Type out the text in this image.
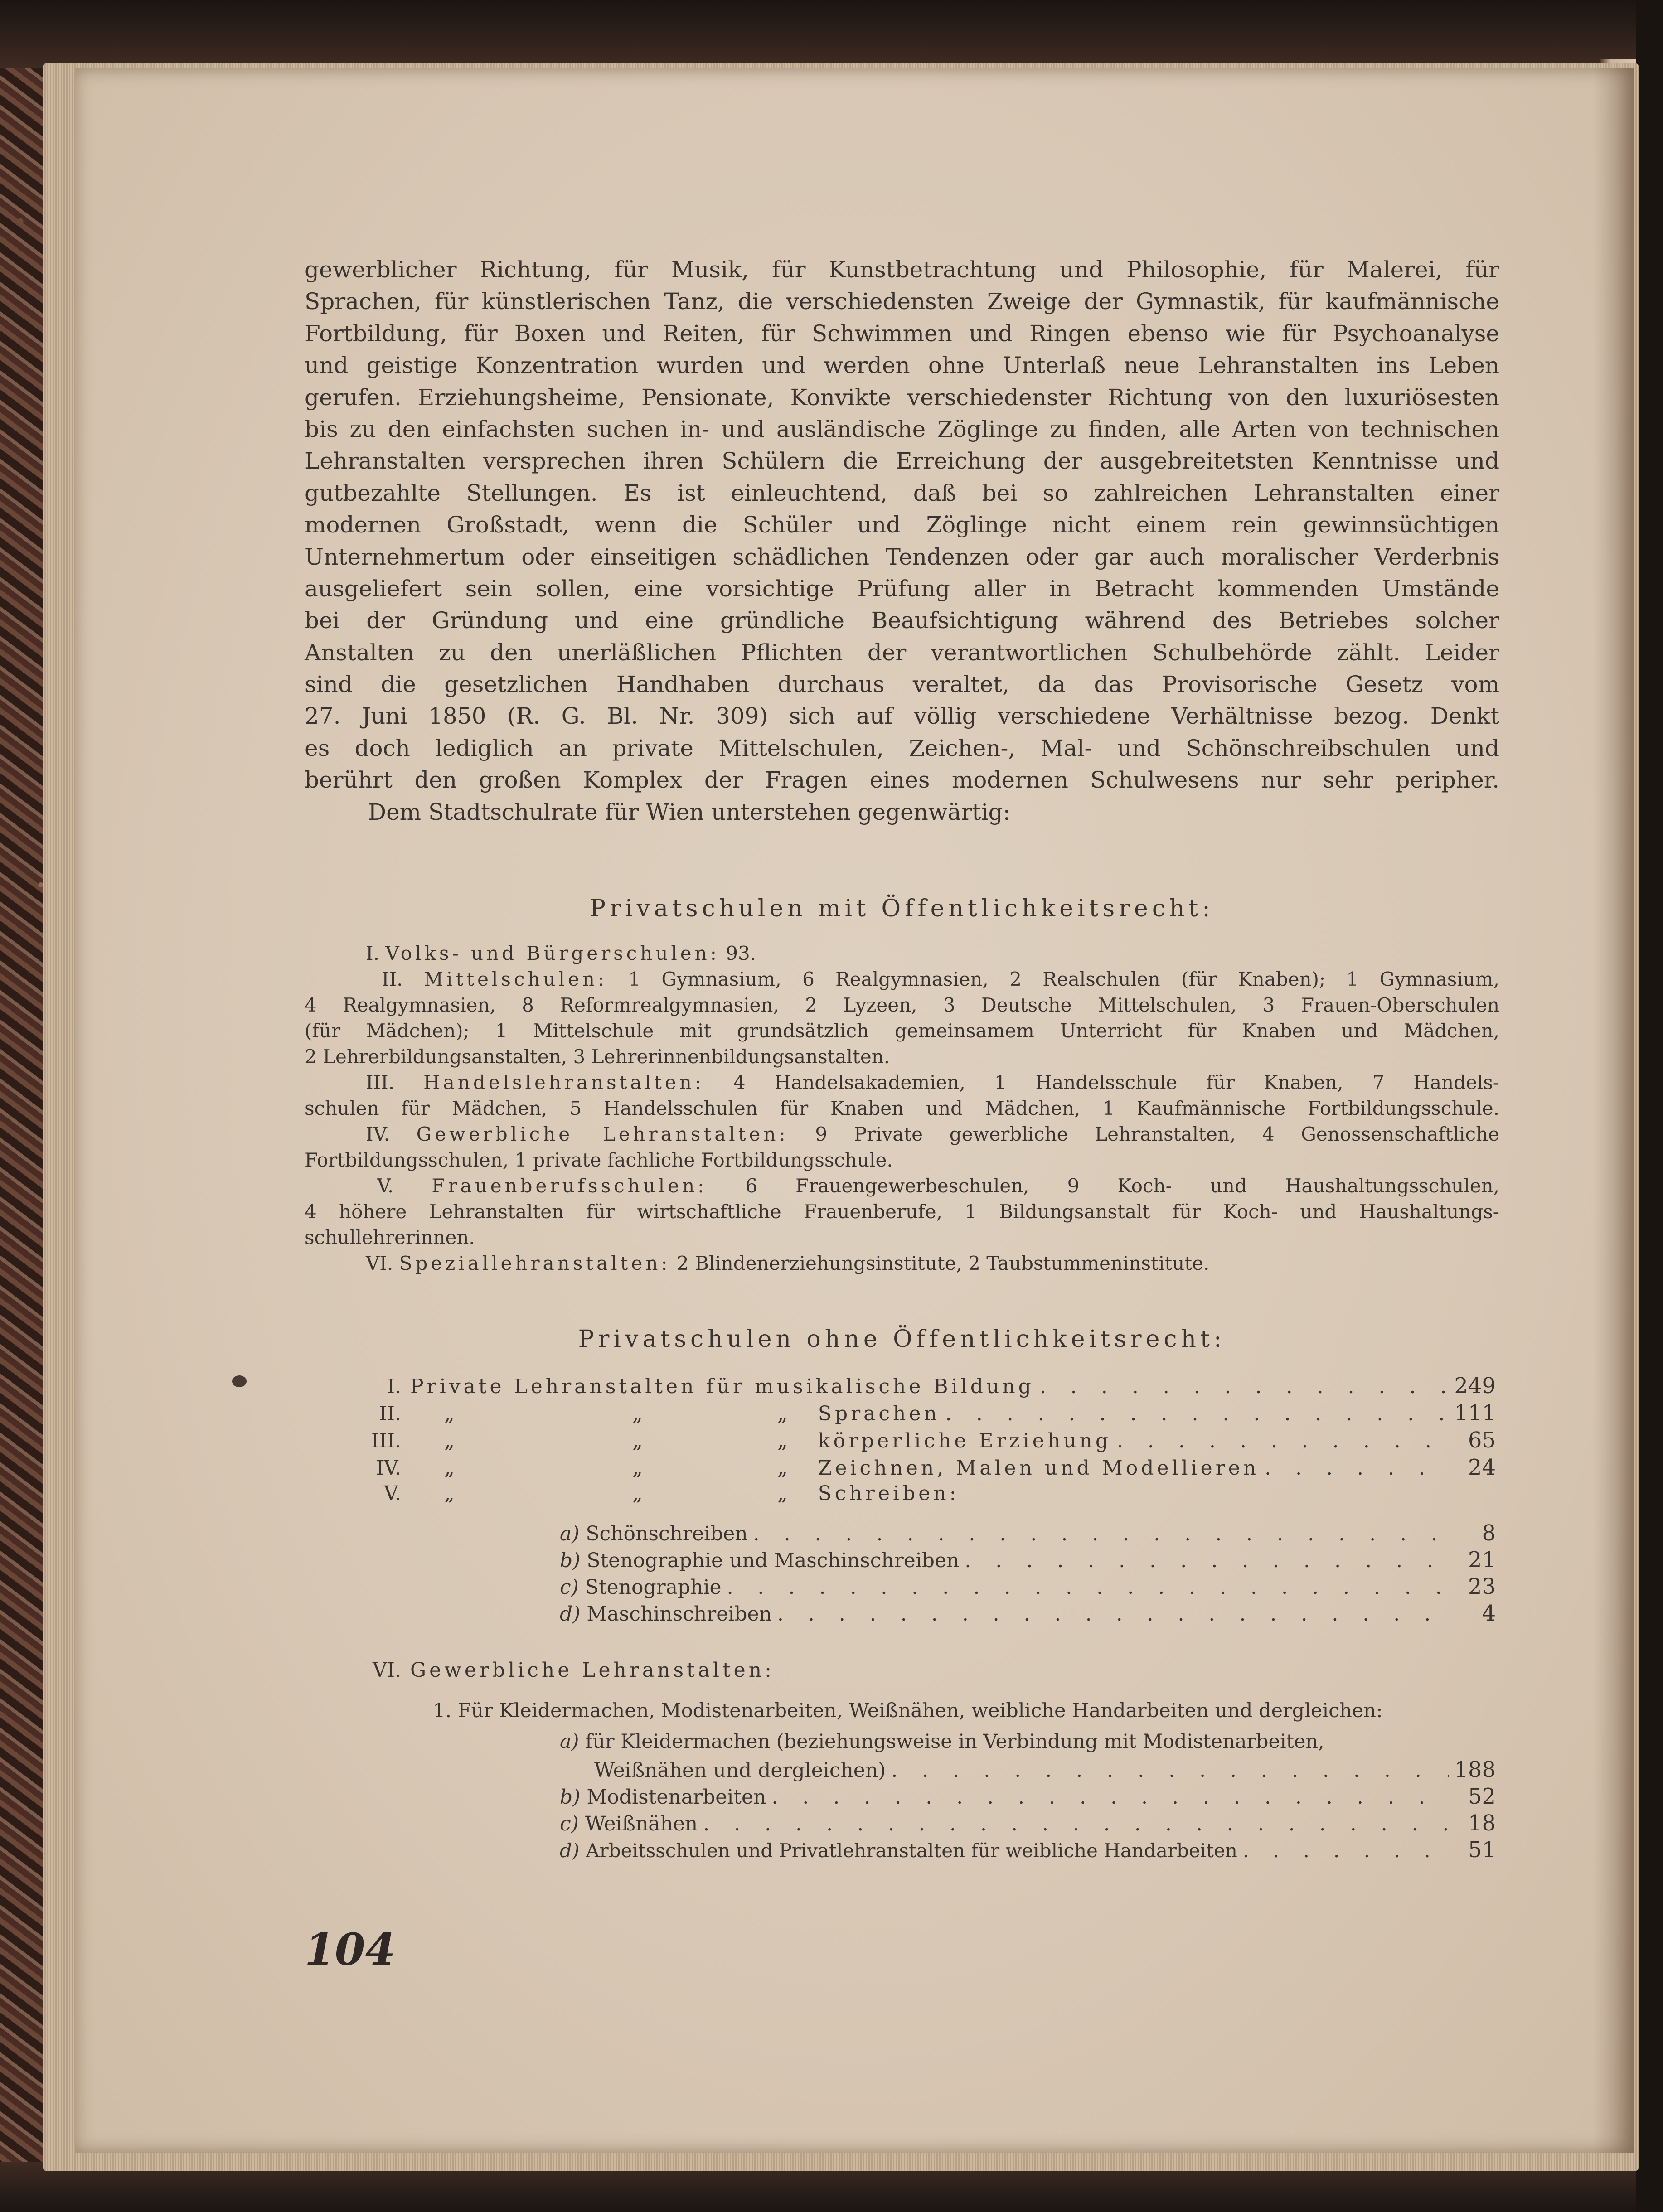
gewerblicher Richtung, für Musik, für Kunstbetrachtung und Philosophie, für Malerei, für
Sprachen, für künstlerischen Tanz, die verschiedensten Zweige der Gymnastik, für kaufmännische
Fortbildung, für Boxen und Reiten, für Schwimmen und Ringen ebenso wie für Psychoanalyse
und geistige Konzentration wurden und werden ohne Unterlaß neue Lehranstalten ins Leben
gerufen. Erziehungsheime, Pensionate, Konvikte verschiedenster Richtung von den luxuriösesten
bis zu den einfachsten suchen in- und ausländische Zöglinge zu finden, alle Arten von technischen
Lehranstalten versprechen ihren Schülern die Erreichung der ausgebreitetsten Kenntnisse und
gutbezahlte Stellungen. Es ist einleuchtend, daß bei so zahlreichen Lehranstalten einer
modernen Großstadt, wenn die Schüler und Zöglinge nicht einem rein gewinnsüchtigen
Unternehmertum oder einseitigen schädlichen Tendenzen oder gar auch moralischer Verderbnis
ausgeliefert sein sollen, eine vorsichtige Prüfung aller in Betracht kommenden Umstände
bei der Gründung und eine gründliche Beaufsichtigung während des Betriebes solcher
Anstalten zu den unerläßlichen Pflichten der verantwortlichen Schulbehörde zählt. Leider
sind die gesetzlichen Handhaben durchaus veraltet, da das Provisorische Gesetz vom
27. Juni 1850 (R. G. Bl. Nr. 309) sich auf völlig verschiedene Verhältnisse bezog. Denkt
es doch lediglich an private Mittelschulen, Zeichen-, Mal- und Schönschreibschulen und
berührt den großen Komplex der Fragen eines modernen Schulwesens nur sehr peripher.
Dem Stadtschulrate für Wien unterstehen gegenwärtig:
Privatschulen mit Öffentlichkeitsrecht:
I. Volks- und Bürgerschulen: 93.
II. Mittelschulen: 1 Gymnasium, 6 Realgymnasien, 2 Realschulen (für Knaben); 1 Gymnasium,
4 Realgymnasien, 8 Reformrealgymnasien, 2 Lyzeen, 3 Deutsche Mittelschulen, 3 Frauen-Oberschulen
(für Mädchen); 1 Mittelschule mit grundsätzlich gemeinsamem Unterricht für Knaben und Mädchen,
2 Lehrerbildungsanstalten, 3 Lehrerinnenbildungsanstalten.
III. Handelslehranstalten: 4 Handelsakademien, 1 Handelsschule für Knaben, 7 Handels-
schulen für Mädchen, 5 Handelsschulen für Knaben und Mädchen, 1 Kaufmännische Fortbildungsschule.
IV. Gewerbliche Lehranstalten: 9 Private gewerbliche Lehranstalten, 4 Genossenschaftliche
Fortbildungsschulen, 1 private fachliche Fortbildungsschule.
V. Frauenberufsschulen: 6 Frauengewerbeschulen, 9 Koch- und Haushaltungsschulen,
4 höhere Lehranstalten für wirtschaftliche Frauenberufe, 1 Bildungsanstalt für Koch- und Haushaltungs-
schullehrerinnen.
VI. Speziallehranstalten: 2 Blindenerziehungsinstitute, 2 Taubstummeninstitute.
Privatschulen ohne Öffentlichkeitsrecht:
I. Private Lehranstalten für musikalische Bildung . . .	249
II. „	„	„ Sprachen . . .	111
III. „	„	„ körperliche Erziehung . . .	65
IV. „	„	„ Zeichnen, Malen und Modellieren . . .	24
V. „	„	„ Schreiben:
a) Schönschreiben . . .	8
b) Stenographie und Maschinschreiben . . .	21
c) Stenographie . . .	23
d) Maschinschreiben . . .	4
VI. Gewerbliche Lehranstalten:
1. Für Kleidermachen, Modistenarbeiten, Weißnähen, weibliche Handarbeiten und dergleichen:
a) für Kleidermachen (beziehungsweise in Verbindung mit Modistenarbeiten,
Weißnähen und dergleichen) . . .	188
b) Modistenarbeiten . . .	52
c) Weißnähen . . .	18
d) Arbeitsschulen und Privatlehranstalten für weibliche Handarbeiten . . .	51
104
